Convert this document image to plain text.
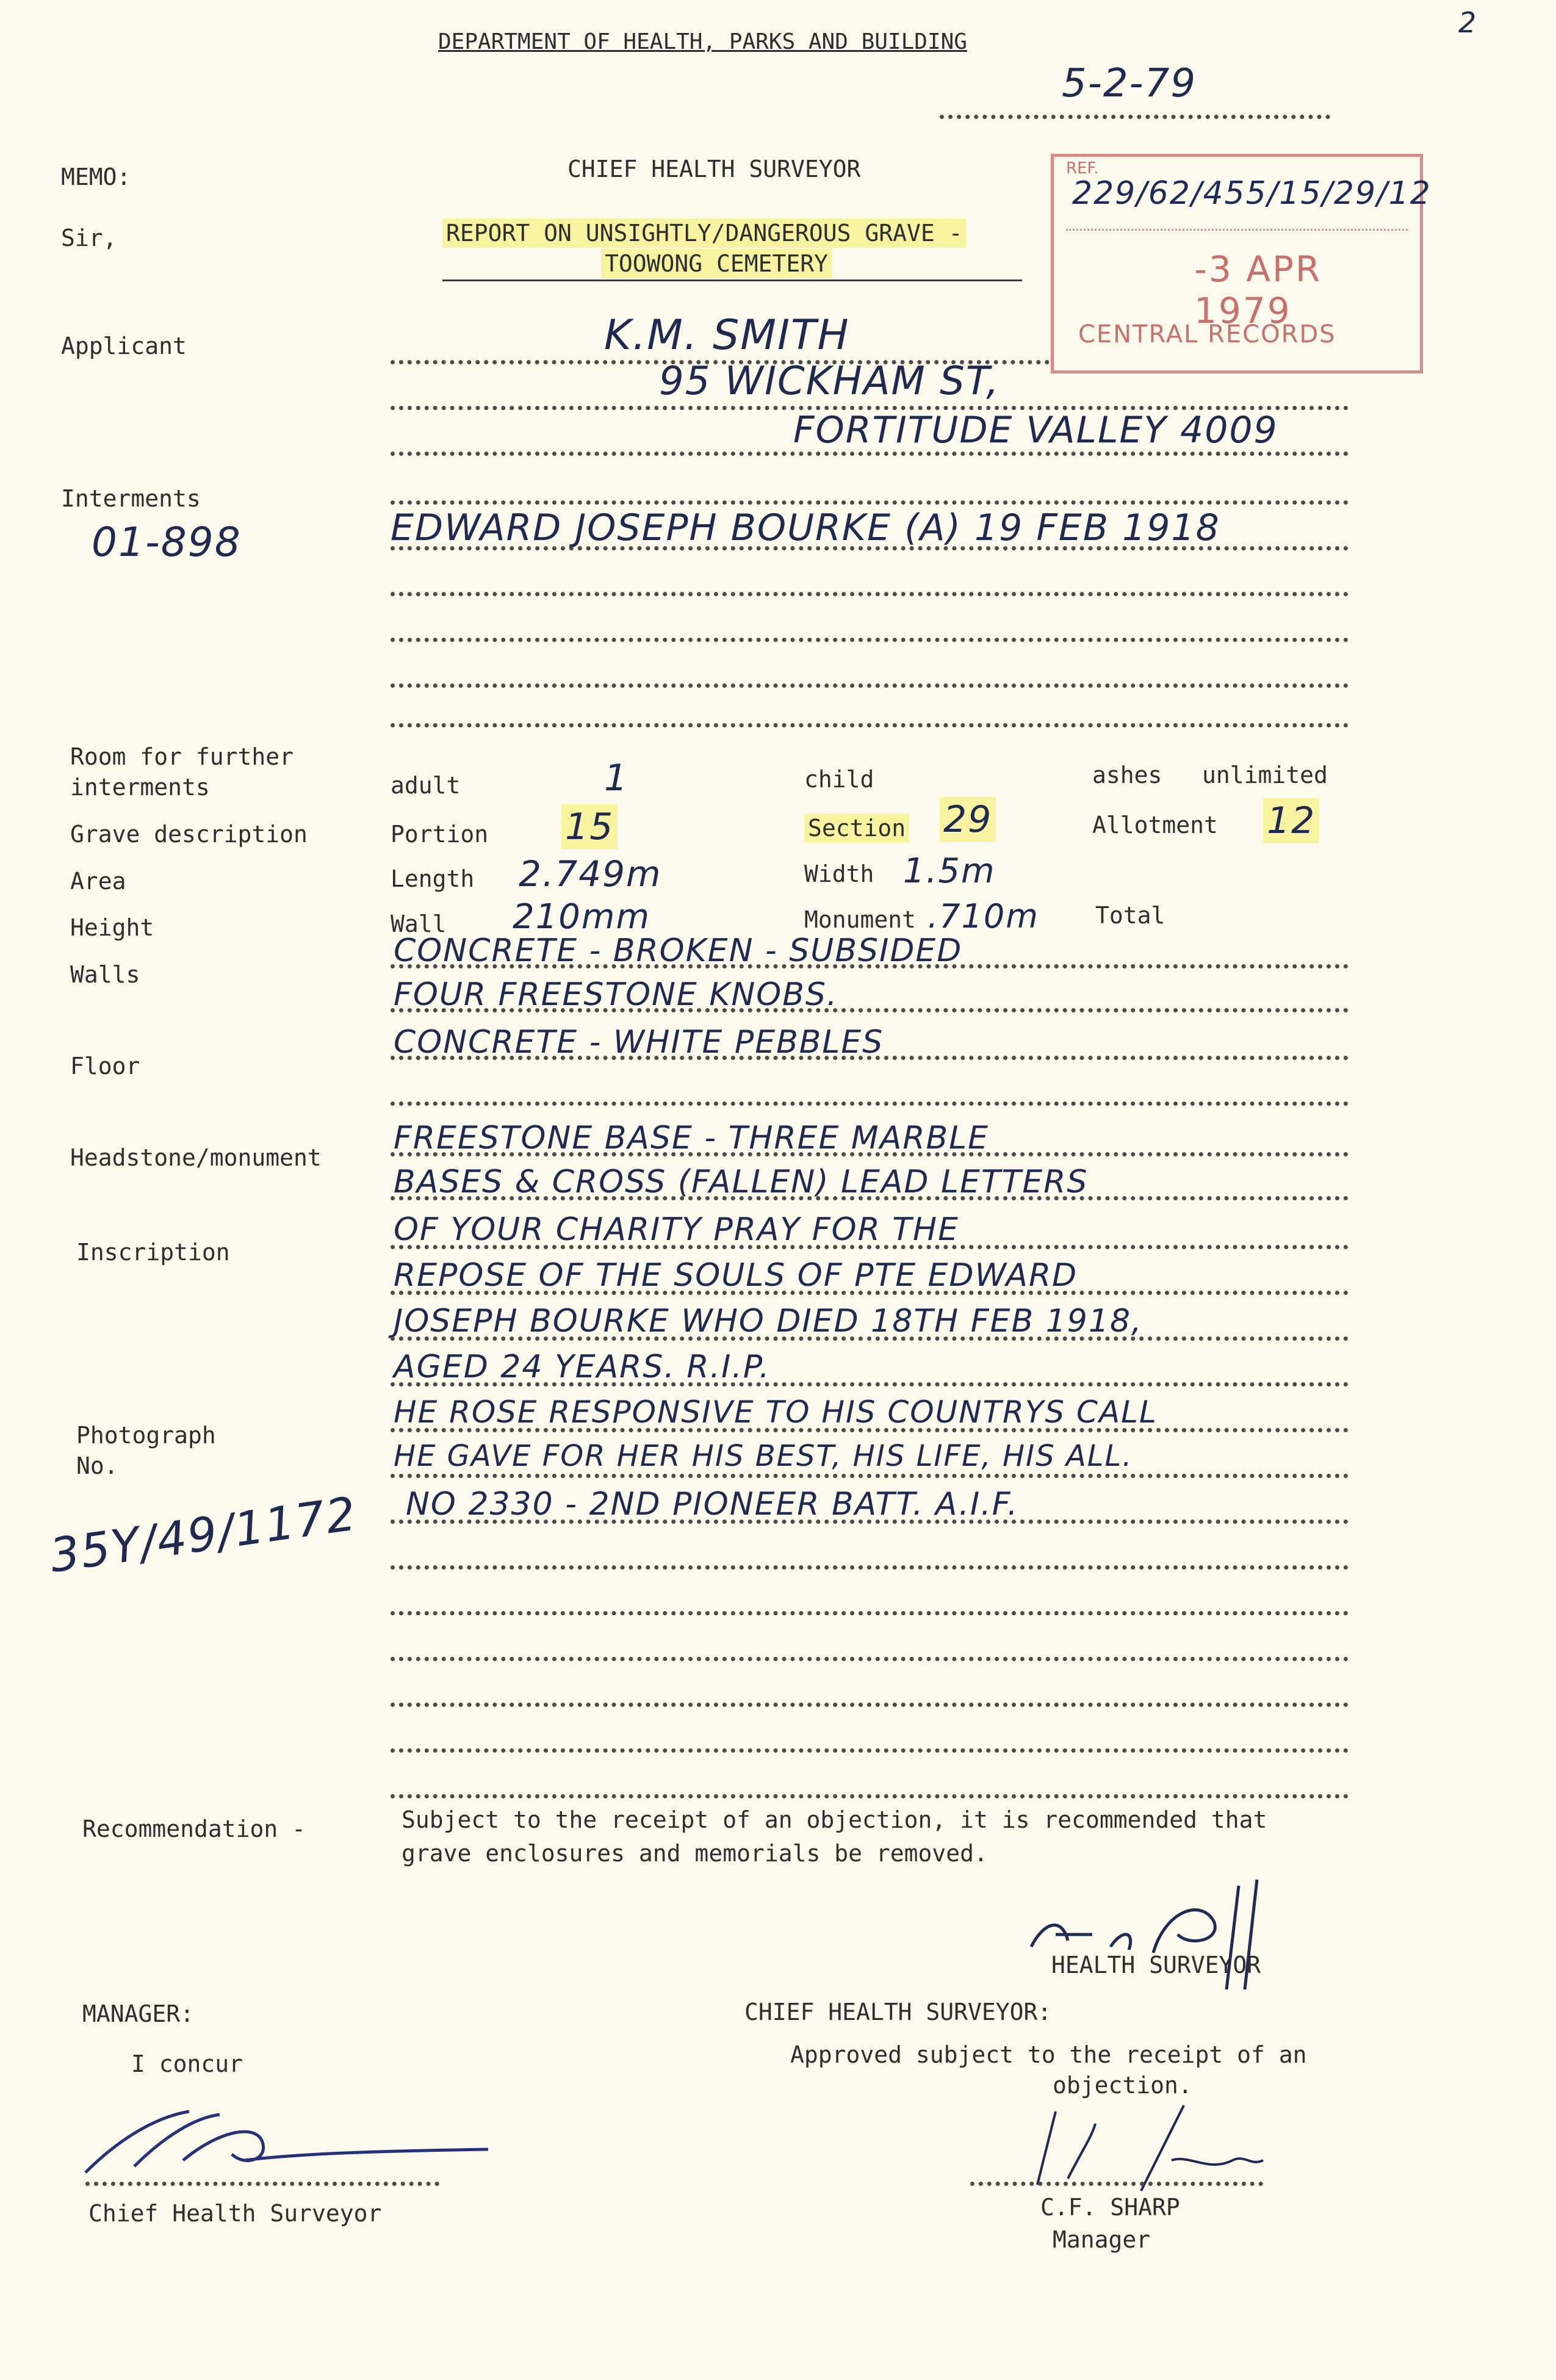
DEPARTMENT OF HEALTH, PARKS AND BUILDING
2
5-2-79
MEMO:
Sir,
CHIEF HEALTH SURVEYOR
REPORT ON UNSIGHTLY/DANGEROUS GRAVE -
TOOWONG CEMETERY
REF.
229/62/455/15/29/12
-3 APR 1979
CENTRAL RECORDS
Applicant	K.M. SMITH
95 WICKHAM ST,
FORTITUDE VALLEY 4009
Interments
01-898	EDWARD JOSEPH BOURKE (A) 19 FEB 1918
Room for further
interments	adult	1	child	ashes unlimited
Grave description	Portion 15	Section 29	Allotment 12
Area	Length 2.749m	Width 1.5m
Height	Wall 210mm	Monument .710m Total
Walls
CONCRETE - BROKEN - SUBSIDED
FOUR FREESTONE KNOBS.
Floor
CONCRETE - WHITE PEBBLES
Headstone/monument
FREESTONE BASE - THREE MARBLE
BASES & CROSS (FALLEN) LEAD LETTERS
Inscription
OF YOUR CHARITY PRAY FOR THE
REPOSE OF THE SOULS OF PTE EDWARD
JOSEPH BOURKE WHO DIED 18TH FEB 1918,
AGED 24 YEARS. R.I.P.
HE ROSE RESPONSIVE TO HIS COUNTRYS CALL
HE GAVE FOR HER HIS BEST, HIS LIFE, HIS ALL.
NO 2330 - 2ND PIONEER BATT. A.I.F.
Photograph
No.
35Y/49/1172
Recommendation -	Subject to the receipt of an objection, it is recommended that
grave enclosures and memorials be removed.
HEALTH SURVEYOR
MANAGER:
I concur
Chief Health Surveyor
CHIEF HEALTH SURVEYOR:
Approved subject to the receipt of an
objection.
C.F. SHARP
Manager
